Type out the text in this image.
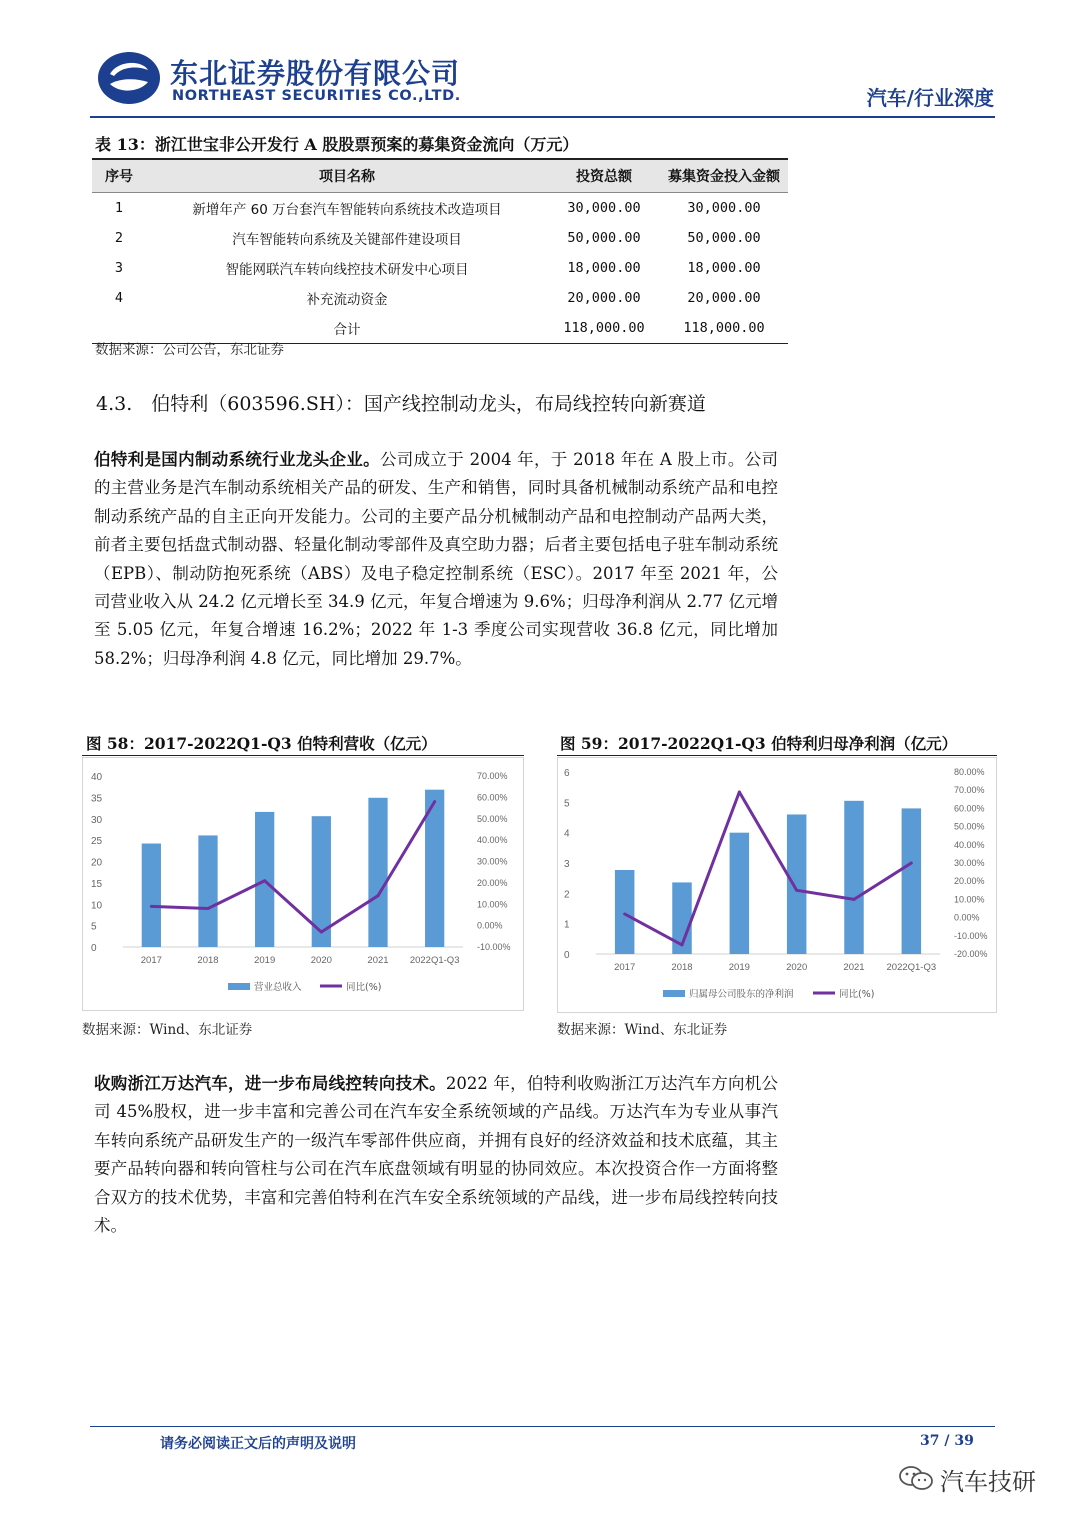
东北证券股份有限公司
NORTHEAST SECURITIES CO.,LTD.	汽车/行业深度
表 13：浙江世宝非公开发行 A 股股票预案的募集资金流向（万元）
序号	项目名称	投资总额	募集资金投入金额
1	新增年产 60 万台套汽车智能转向系统技术改造项目	30,000.00	30,000.00
2	汽车智能转向系统及关键部件建设项目	50,000.00	50,000.00
3	智能网联汽车转向线控技术研发中心项目	18,000.00	18,000.00
4	补充流动资金	20,000.00	20,000.00
	合计	118,000.00	118,000.00
数据来源：公司公告，东北证券
4.3.　伯特利（603596.SH）：国产线控制动龙头，布局线控转向新赛道
伯特利是国内制动系统行业龙头企业。公司成立于 2004 年，于 2018 年在 A 股上市。公司的主营业务是汽车制动系统相关产品的研发、生产和销售，同时具备机械制动系统产品和电控制动系统产品的自主正向开发能力。公司的主要产品分机械制动产品和电控制动产品两大类，前者主要包括盘式制动器、轻量化制动零部件及真空助力器；后者主要包括电子驻车制动系统（EPB）、制动防抱死系统（ABS）及电子稳定控制系统（ESC）。2017 年至 2021 年，公司营业收入从 24.2 亿元增长至 34.9 亿元，年复合增速为 9.6%；归母净利润从 2.77 亿元增至 5.05 亿元，年复合增速 16.2%；2022 年 1-3 季度公司实现营收 36.8 亿元，同比增加 58.2%；归母净利润 4.8 亿元，同比增加 29.7%。
图 58：2017-2022Q1-Q3 伯特利营收（亿元）
0
5
10
15
20
25
30
35
40
-10.00%
0.00%
10.00%
20.00%
30.00%
40.00%
50.00%
60.00%
70.00%
2017	2018	2019	2020	2021 2022Q1-Q3
营业总收入	同比(%)
数据来源：Wind、东北证券
图 59：2017-2022Q1-Q3 伯特利归母净利润（亿元）
0
1
2
3
4
5
6
-20.00%
-10.00%
0.00%
10.00%
20.00%
30.00%
40.00%
50.00%
60.00%
70.00%
80.00%
2017	2018	2019	2020	2021 2022Q1-Q3
归属母公司股东的净利润	同比(%)
数据来源：Wind、东北证券
收购浙江万达汽车，进一步布局线控转向技术。2022 年，伯特利收购浙江万达汽车方向机公司 45%股权，进一步丰富和完善公司在汽车安全系统领域的产品线。万达汽车为专业从事汽车转向系统产品研发生产的一级汽车零部件供应商，并拥有良好的经济效益和技术底蕴，其主要产品转向器和转向管柱与公司在汽车底盘领域有明显的协同效应。本次投资合作一方面将整合双方的技术优势，丰富和完善伯特利在汽车安全系统领域的产品线，进一步布局线控转向技术。
请务必阅读正文后的声明及说明	37 / 39
汽车技研
